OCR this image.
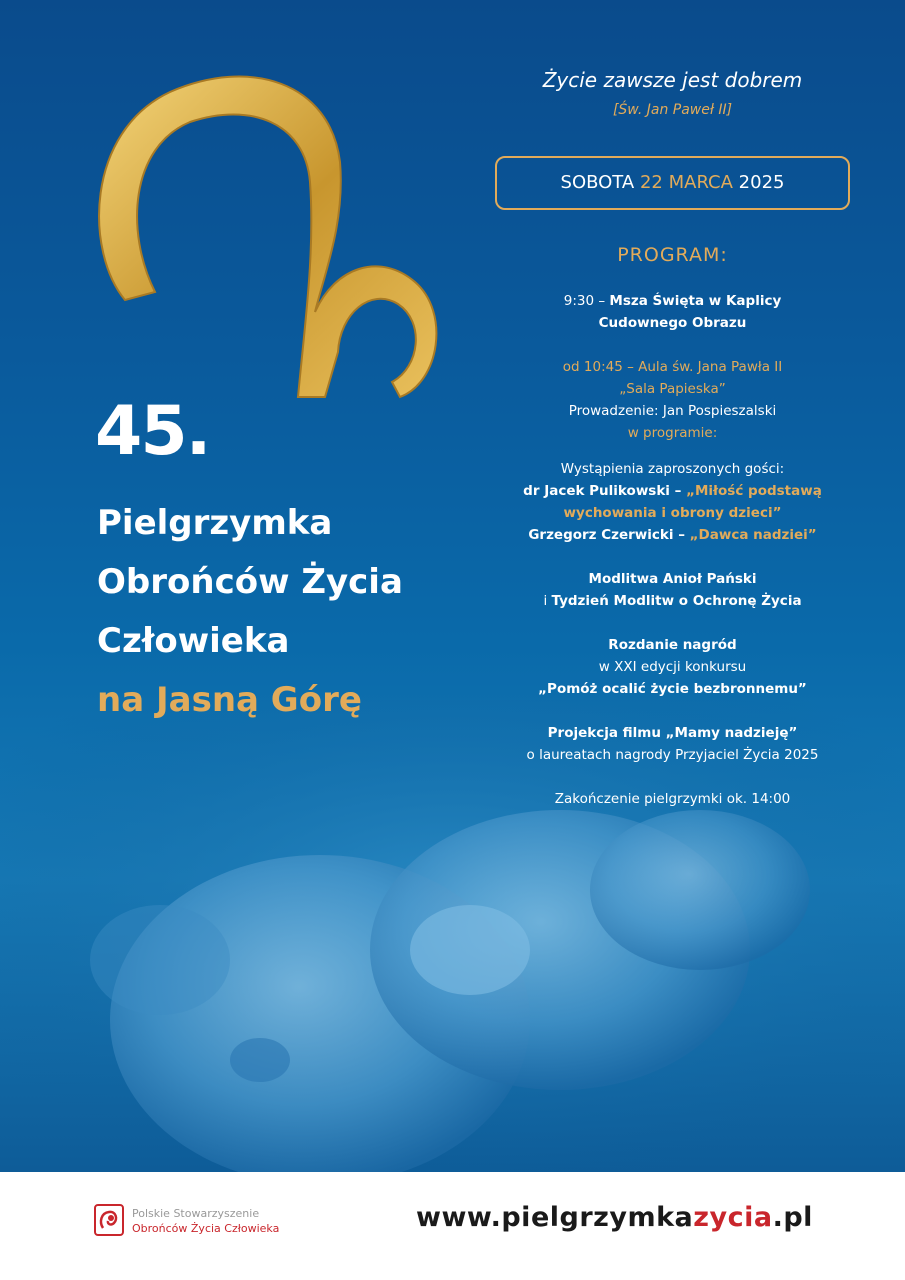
45.
Pielgrzymka
Obrońców Życia
Człowieka
na Jasną Górę
Życie zawsze jest dobrem
[Św. Jan Paweł II]
SOBOTA 22 MARCA 2025
PROGRAM:
9:30 – Msza Święta w Kaplicy
Cudownego Obrazu
od 10:45 – Aula św. Jana Pawła II
„Sala Papieska”
Prowadzenie: Jan Pospieszalski
w programie:
Wystąpienia zaproszonych gości:
dr Jacek Pulikowski – „Miłość podstawą
wychowania i obrony dzieci”
Grzegorz Czerwicki – „Dawca nadziei”
Modlitwa Anioł Pański
i Tydzień Modlitw o Ochronę Życia
Rozdanie nagród
w XXI edycji konkursu
„Pomóż ocalić życie bezbronnemu”
Projekcja filmu „Mamy nadzieję”
o laureatach nagrody Przyjaciel Życia 2025
Zakończenie pielgrzymki ok. 14:00
Polskie Stowarzyszenie
Obrońców Życia Człowieka	www.pielgrzymkazycia.pl
